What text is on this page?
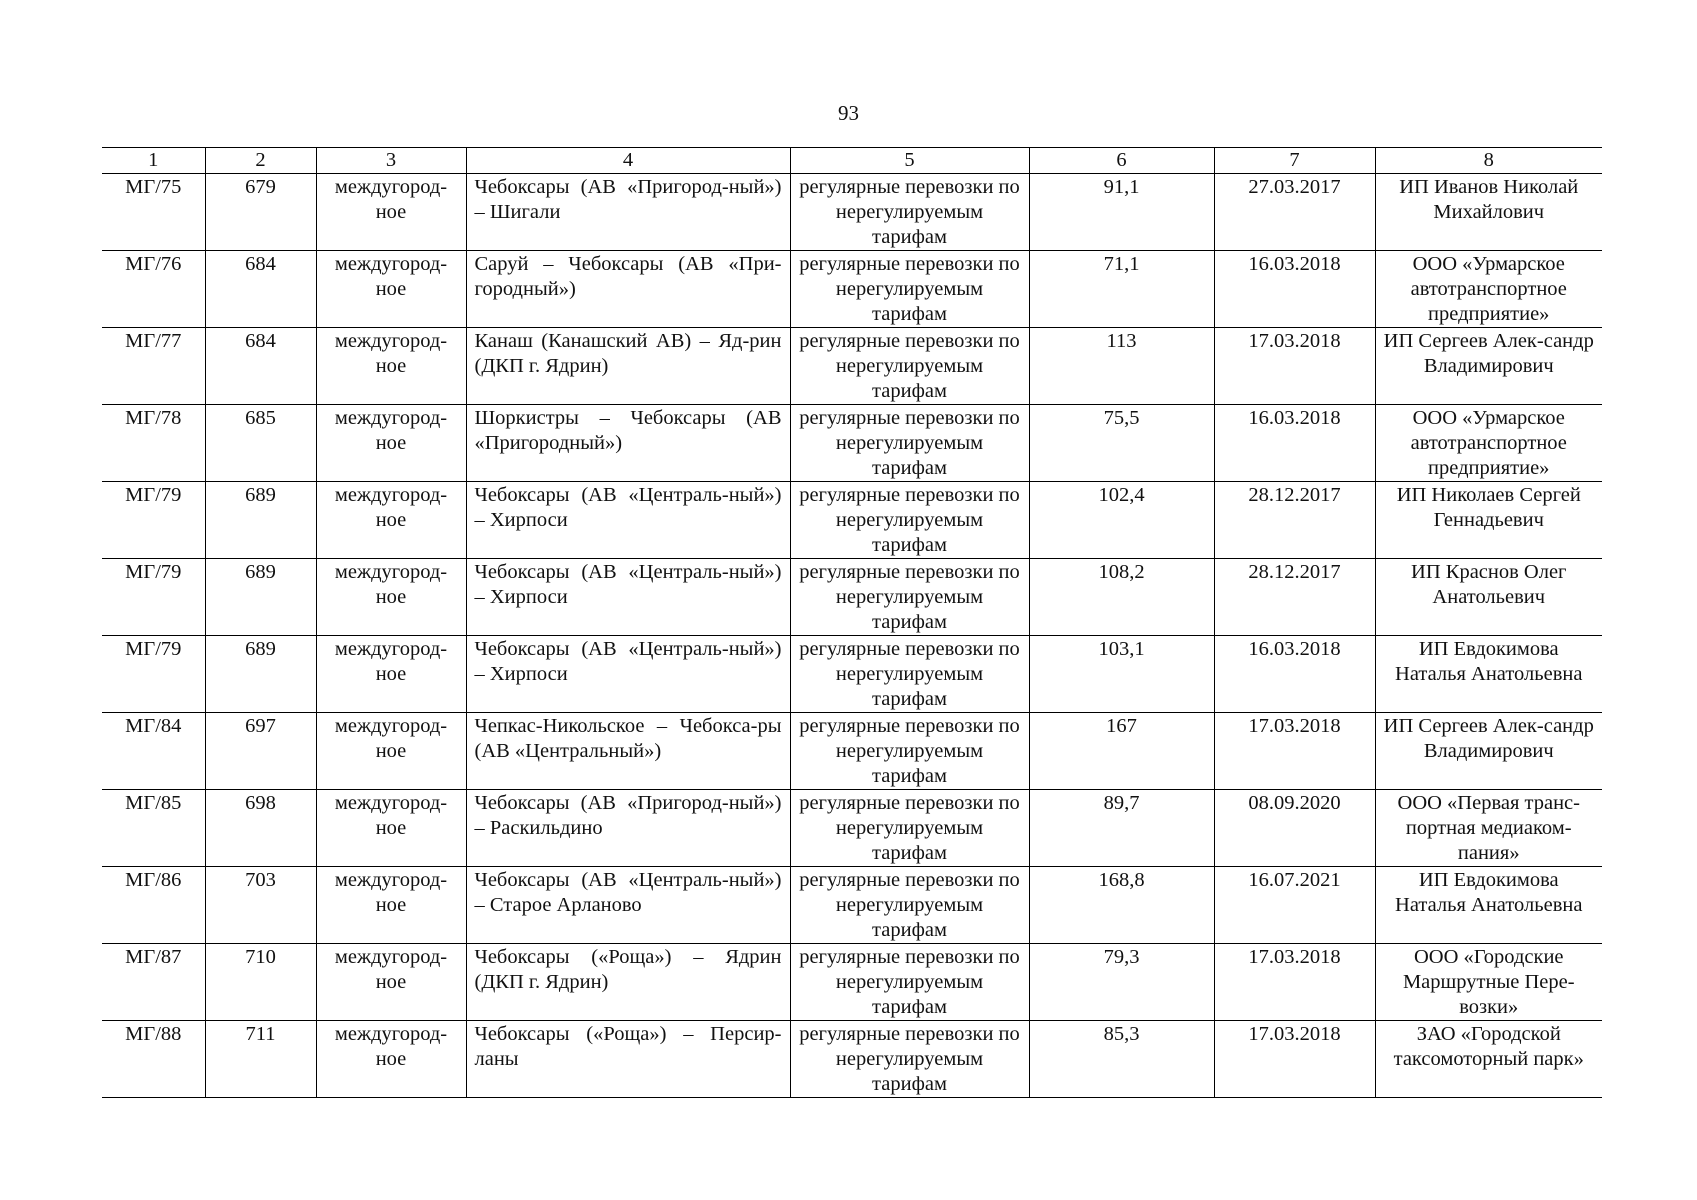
93
1	2	3	4	5	6	7	8
МГ/75	679	междугород-ное	Чебоксары (АВ «Пригород-ный») – Шигали	регулярные перевозки по нерегулируемым тарифам	91,1	27.03.2017	ИП Иванов Николай Михайлович
МГ/76	684	междугород-ное	Саруй – Чебоксары (АВ «При-городный»)	регулярные перевозки по нерегулируемым тарифам	71,1	16.03.2018	ООО «Урмарское автотранспортное предприятие»
МГ/77	684	междугород-ное	Канаш (Канашский АВ) – Яд-рин (ДКП г. Ядрин)	регулярные перевозки по нерегулируемым тарифам	113	17.03.2018	ИП Сергеев Алек-сандр Владимирович
МГ/78	685	междугород-ное	Шоркистры – Чебоксары (АВ «Пригородный»)	регулярные перевозки по нерегулируемым тарифам	75,5	16.03.2018	ООО «Урмарское автотранспортное предприятие»
МГ/79	689	междугород-ное	Чебоксары (АВ «Централь-ный») – Хирпоси	регулярные перевозки по нерегулируемым тарифам	102,4	28.12.2017	ИП Николаев Сергей Геннадьевич
МГ/79	689	междугород-ное	Чебоксары (АВ «Централь-ный») – Хирпоси	регулярные перевозки по нерегулируемым тарифам	108,2	28.12.2017	ИП Краснов Олег Анатольевич
МГ/79	689	междугород-ное	Чебоксары (АВ «Централь-ный») – Хирпоси	регулярные перевозки по нерегулируемым тарифам	103,1	16.03.2018	ИП Евдокимова Наталья Анатольевна
МГ/84	697	междугород-ное	Чепкас-Никольское – Чебокса-ры (АВ «Центральный»)	регулярные перевозки по нерегулируемым тарифам	167	17.03.2018	ИП Сергеев Алек-сандр Владимирович
МГ/85	698	междугород-ное	Чебоксары (АВ «Пригород-ный») – Раскильдино	регулярные перевозки по нерегулируемым тарифам	89,7	08.09.2020	ООО «Первая транс-портная медиаком-пания»
МГ/86	703	междугород-ное	Чебоксары (АВ «Централь-ный») – Старое Арланово	регулярные перевозки по нерегулируемым тарифам	168,8	16.07.2021	ИП Евдокимова Наталья Анатольевна
МГ/87	710	междугород-ное	Чебоксары («Роща») – Ядрин (ДКП г. Ядрин)	регулярные перевозки по нерегулируемым тарифам	79,3	17.03.2018	ООО «Городские Маршрутные Пере-возки»
МГ/88	711	междугород-ное	Чебоксары («Роща») – Персир-ланы	регулярные перевозки по нерегулируемым тарифам	85,3	17.03.2018	ЗАО «Городской таксомоторный парк»
